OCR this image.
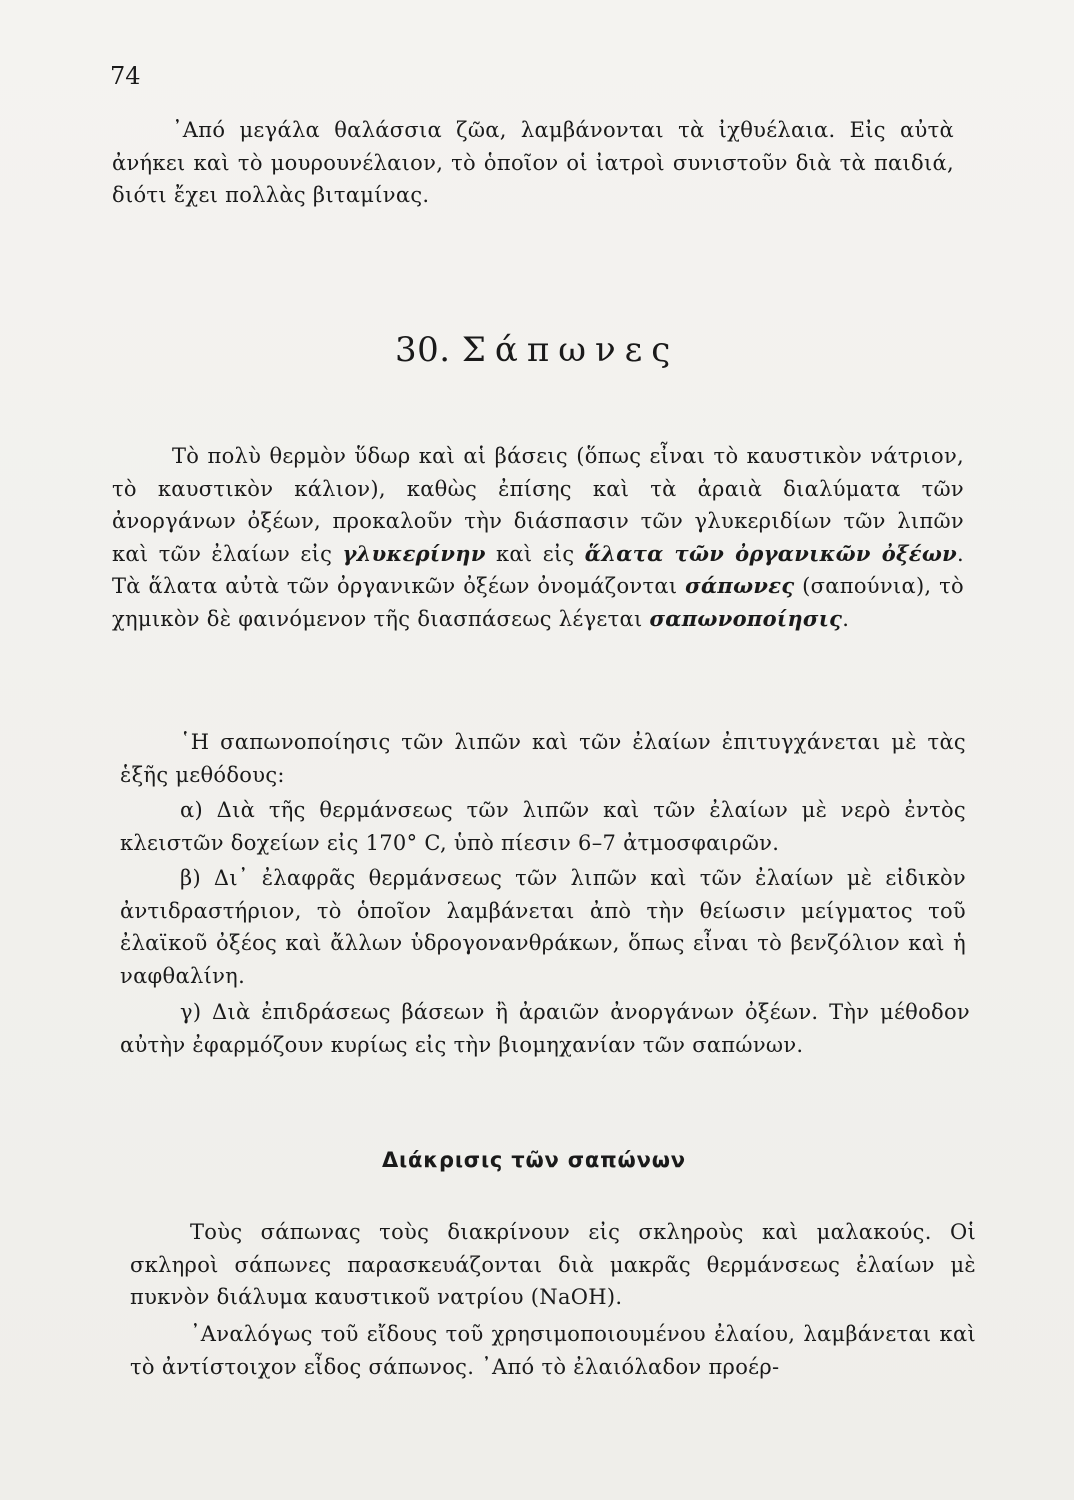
74

᾽Από μεγάλα θαλάσσια ζῶα, λαμβάνονται τὰ ἰχθυέλαια. Εἰς αὐτὰ ἀνήκει καὶ τὸ μουρουνέλαιον, τὸ ὁποῖον οἱ ἰατροὶ συνιστοῦν διὰ τὰ παιδιά, διότι ἔχει πολλὰς βιταμίνας.

30. Σάπωνες

Τὸ πολὺ θερμὸν ὕδωρ καὶ αἱ βάσεις (ὅπως εἶναι τὸ καυστικὸν νάτριον, τὸ καυστικὸν κάλιον), καθὼς ἐπίσης καὶ τὰ ἀραιὰ διαλύματα τῶν ἀνοργάνων ὀξέων, προκαλοῦν τὴν διάσπασιν τῶν γλυκεριδίων τῶν λιπῶν καὶ τῶν ἐλαίων εἰς γλυκερίνην καὶ εἰς ἅλατα τῶν ὀργανικῶν ὀξέων. Τὰ ἅλατα αὐτὰ τῶν ὀργανικῶν ὀξέων ὀνομάζονται σάπωνες (σαπούνια), τὸ χημικὸν δὲ φαινόμενον τῆς διασπάσεως λέγεται σαπωνοποίησις.

῾Η σαπωνοποίησις τῶν λιπῶν καὶ τῶν ἐλαίων ἐπιτυγχάνεται μὲ τὰς ἑξῆς μεθόδους:

α) Διὰ τῆς θερμάνσεως τῶν λιπῶν καὶ τῶν ἐλαίων μὲ νερὸ ἐντὸς κλειστῶν δοχείων εἰς 170° C, ὑπὸ πίεσιν 6–7 ἀτμοσφαιρῶν.

β) Δι᾽ ἐλαφρᾶς θερμάνσεως τῶν λιπῶν καὶ τῶν ἐλαίων μὲ εἰδικὸν ἀντιδραστήριον, τὸ ὁποῖον λαμβάνεται ἀπὸ τὴν θείωσιν μείγματος τοῦ ἐλαϊκοῦ ὀξέος καὶ ἄλλων ὑδρογονανθράκων, ὅπως εἶναι τὸ βενζόλιον καὶ ἡ ναφθαλίνη.

γ) Διὰ ἐπιδράσεως βάσεων ἢ ἀραιῶν ἀνοργάνων ὀξέων. Τὴν μέθοδον αὐτὴν ἐφαρμόζουν κυρίως εἰς τὴν βιομηχανίαν τῶν σαπώνων.

Διάκρισις τῶν σαπώνων

Τοὺς σάπωνας τοὺς διακρίνουν εἰς σκληροὺς καὶ μαλακούς. Οἱ σκληροὶ σάπωνες παρασκευάζονται διὰ μακρᾶς θερμάνσεως ἐλαίων μὲ πυκνὸν διάλυμα καυστικοῦ νατρίου (NaOH).

᾽Αναλόγως τοῦ εἴδους τοῦ χρησιμοποιουμένου ἐλαίου, λαμβάνεται καὶ τὸ ἀντίστοιχον εἶδος σάπωνος. ᾽Από τὸ ἐλαιόλαδον προέρ-
